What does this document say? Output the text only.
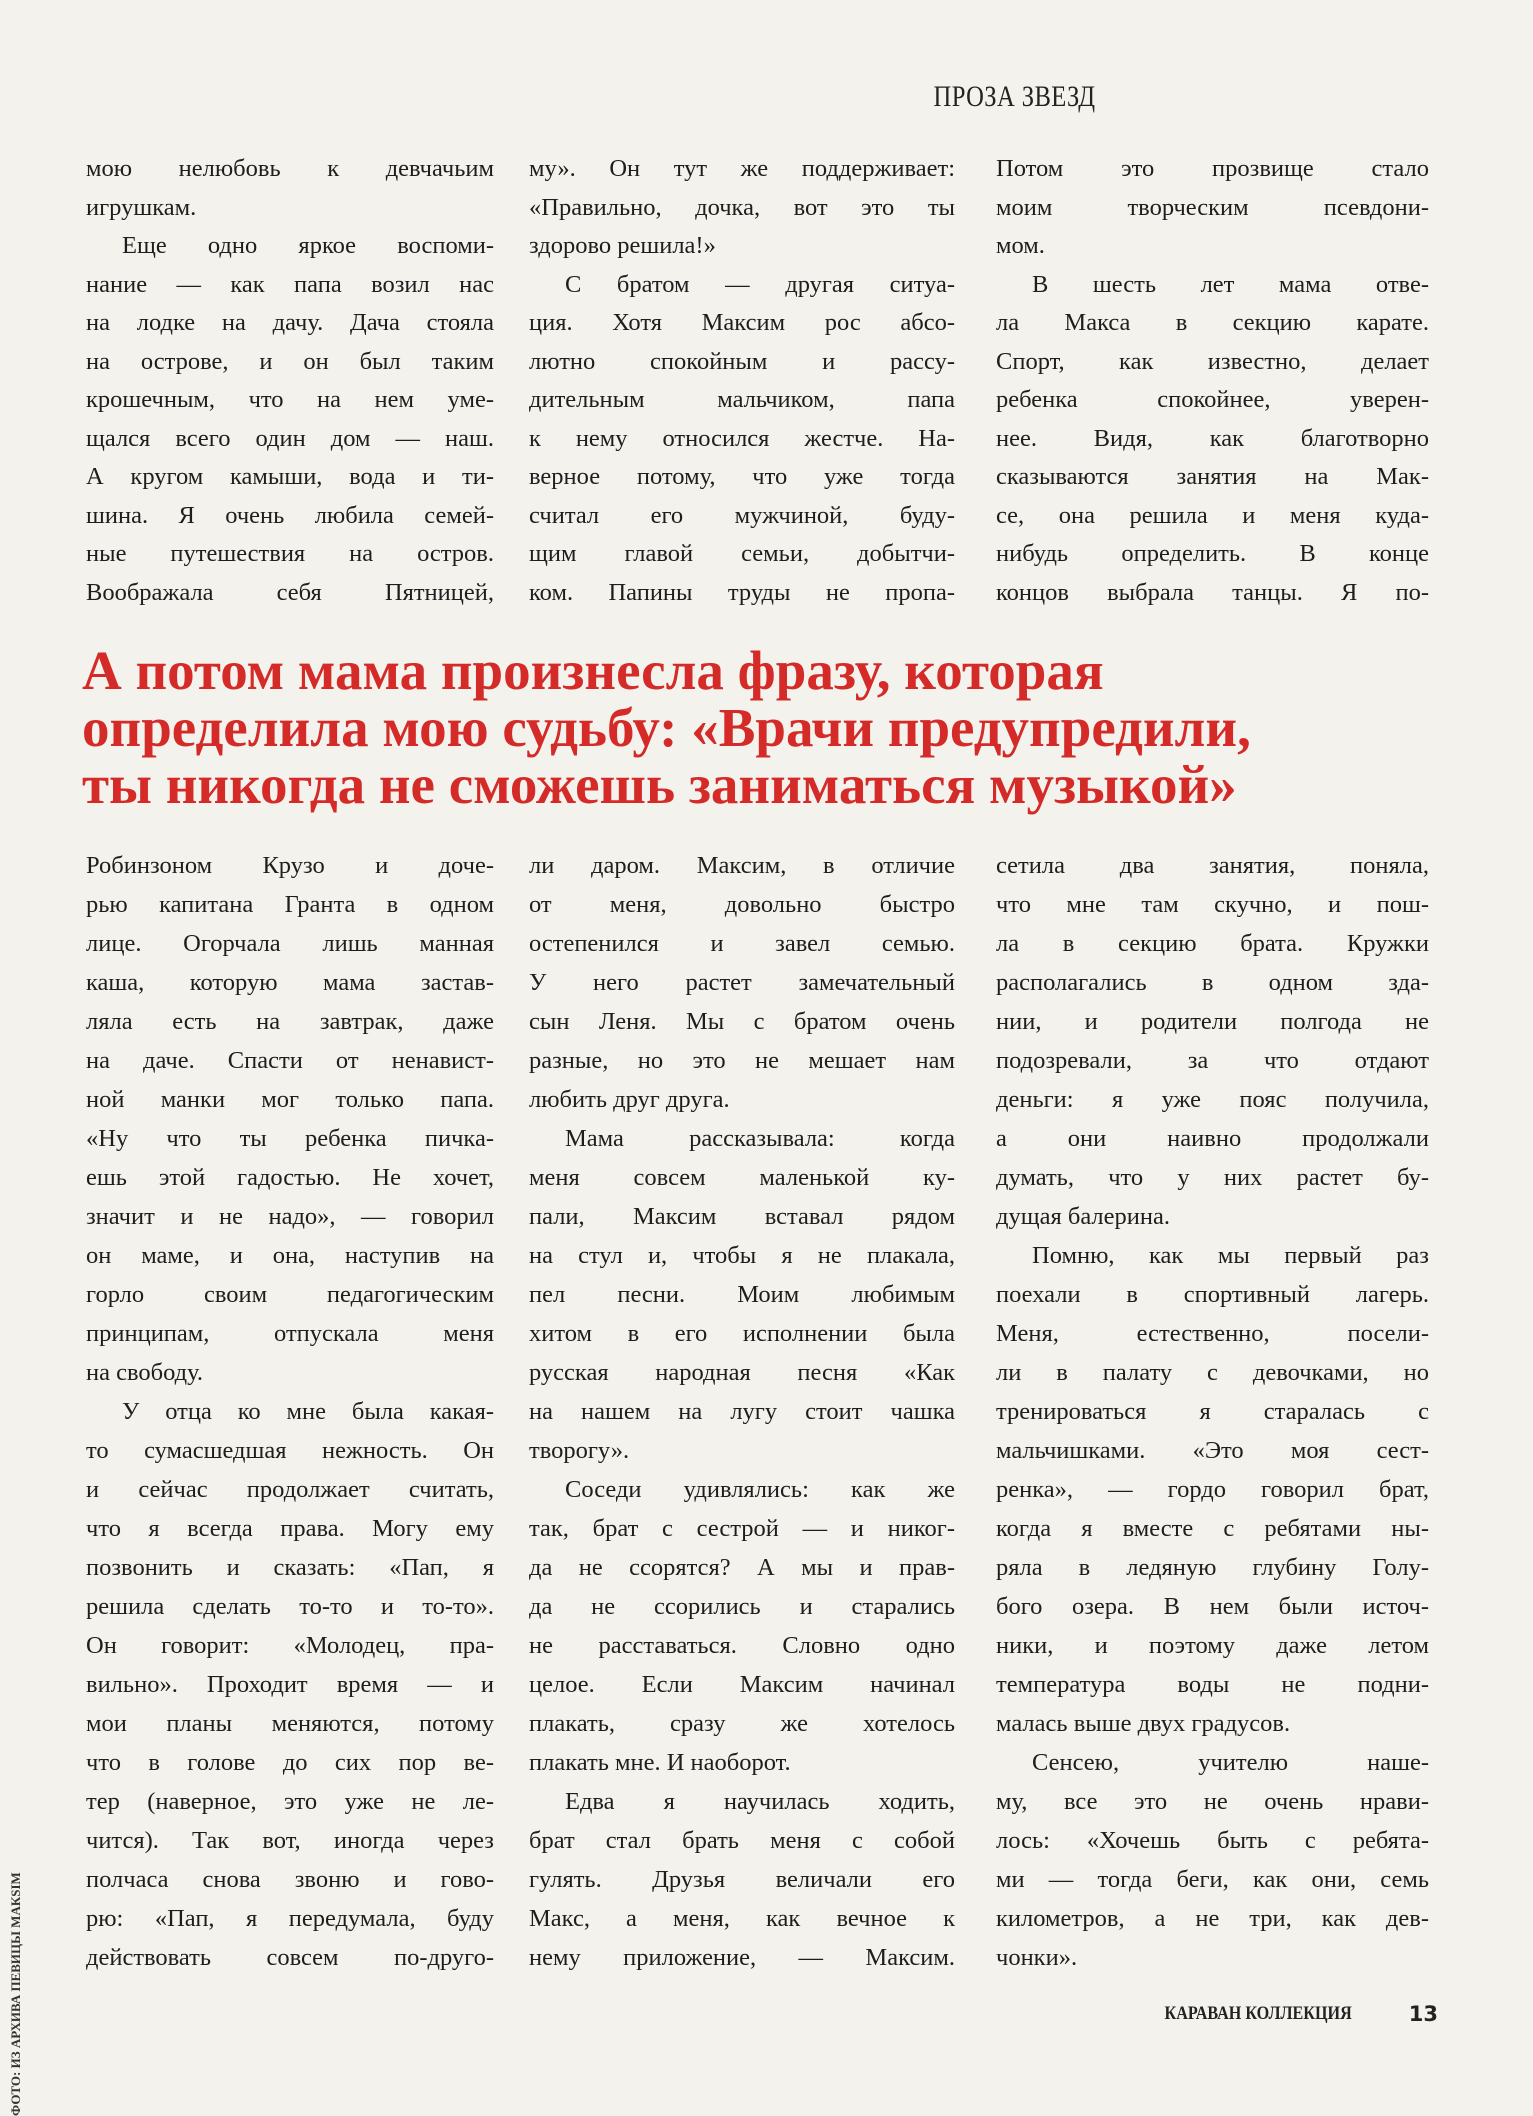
ПРОЗА ЗВЕЗД
мою нелюбовь к девчачьим
игрушкам.
Еще одно яркое воспоми-
нание — как папа возил нас
на лодке на дачу. Дача стояла
на острове, и он был таким
крошечным, что на нем уме-
щался всего один дом — наш.
А кругом камыши, вода и ти-
шина. Я очень любила семей-
ные путешествия на остров.
Воображала себя Пятницей,
му». Он тут же поддерживает:
«Правильно, дочка, вот это ты
здорово решила!»
С братом — другая ситуа-
ция. Хотя Максим рос абсо-
лютно спокойным и рассу-
дительным мальчиком, папа
к нему относился жестче. На-
верное потому, что уже тогда
считал его мужчиной, буду-
щим главой семьи, добытчи-
ком. Папины труды не пропа-
Потом это прозвище стало
моим творческим псевдони-
мом.
В шесть лет мама отве-
ла Макса в секцию карате.
Спорт, как известно, делает
ребенка спокойнее, уверен-
нее. Видя, как благотворно
сказываются занятия на Мак-
се, она решила и меня куда-
нибудь определить. В конце
концов выбрала танцы. Я по-
А потом мама произнесла фразу, которая
определила мою судьбу: «Врачи предупредили,
ты никогда не сможешь заниматься музыкой»
Робинзоном Крузо и доче-
рью капитана Гранта в одном
лице. Огорчала лишь манная
каша, которую мама застав-
ляла есть на завтрак, даже
на даче. Спасти от ненавист-
ной манки мог только папа.
«Ну что ты ребенка пичка-
ешь этой гадостью. Не хочет,
значит и не надо», — говорил
он маме, и она, наступив на
горло своим педагогическим
принципам, отпускала меня
на свободу.
У отца ко мне была какая-
то сумасшедшая нежность. Он
и сейчас продолжает считать,
что я всегда права. Могу ему
позвонить и сказать: «Пап, я
решила сделать то-то и то-то».
Он говорит: «Молодец, пра-
вильно». Проходит время — и
мои планы меняются, потому
что в голове до сих пор ве-
тер (наверное, это уже не ле-
чится). Так вот, иногда через
полчаса снова звоню и гово-
рю: «Пап, я передумала, буду
действовать совсем по-друго-
ли даром. Максим, в отличие
от меня, довольно быстро
остепенился и завел семью.
У него растет замечательный
сын Леня. Мы с братом очень
разные, но это не мешает нам
любить друг друга.
Мама рассказывала: когда
меня совсем маленькой ку-
пали, Максим вставал рядом
на стул и, чтобы я не плакала,
пел песни. Моим любимым
хитом в его исполнении была
русская народная песня «Как
на нашем на лугу стоит чашка
творогу».
Соседи удивлялись: как же
так, брат с сестрой — и никог-
да не ссорятся? А мы и прав-
да не ссорились и старались
не расставаться. Словно одно
целое. Если Максим начинал
плакать, сразу же хотелось
плакать мне. И наоборот.
Едва я научилась ходить,
брат стал брать меня с собой
гулять. Друзья величали его
Макс, а меня, как вечное к
нему приложение, — Максим.
сетила два занятия, поняла,
что мне там скучно, и пош-
ла в секцию брата. Кружки
располагались в одном зда-
нии, и родители полгода не
подозревали, за что отдают
деньги: я уже пояс получила,
а они наивно продолжали
думать, что у них растет бу-
дущая балерина.
Помню, как мы первый раз
поехали в спортивный лагерь.
Меня, естественно, посели-
ли в палату с девочками, но
тренироваться я старалась с
мальчишками. «Это моя сест-
ренка», — гордо говорил брат,
когда я вместе с ребятами ны-
ряла в ледяную глубину Голу-
бого озера. В нем были источ-
ники, и поэтому даже летом
температура воды не подни-
малась выше двух градусов.
Сенсею, учителю наше-
му, все это не очень нрави-
лось: «Хочешь быть с ребята-
ми — тогда беги, как они, семь
километров, а не три, как дев-
чонки».
ФОТО: ИЗ АРХИВА ПЕВИЦЫ МАКSIM	КАРАВАН КОЛЛЕКЦИЯ	13
